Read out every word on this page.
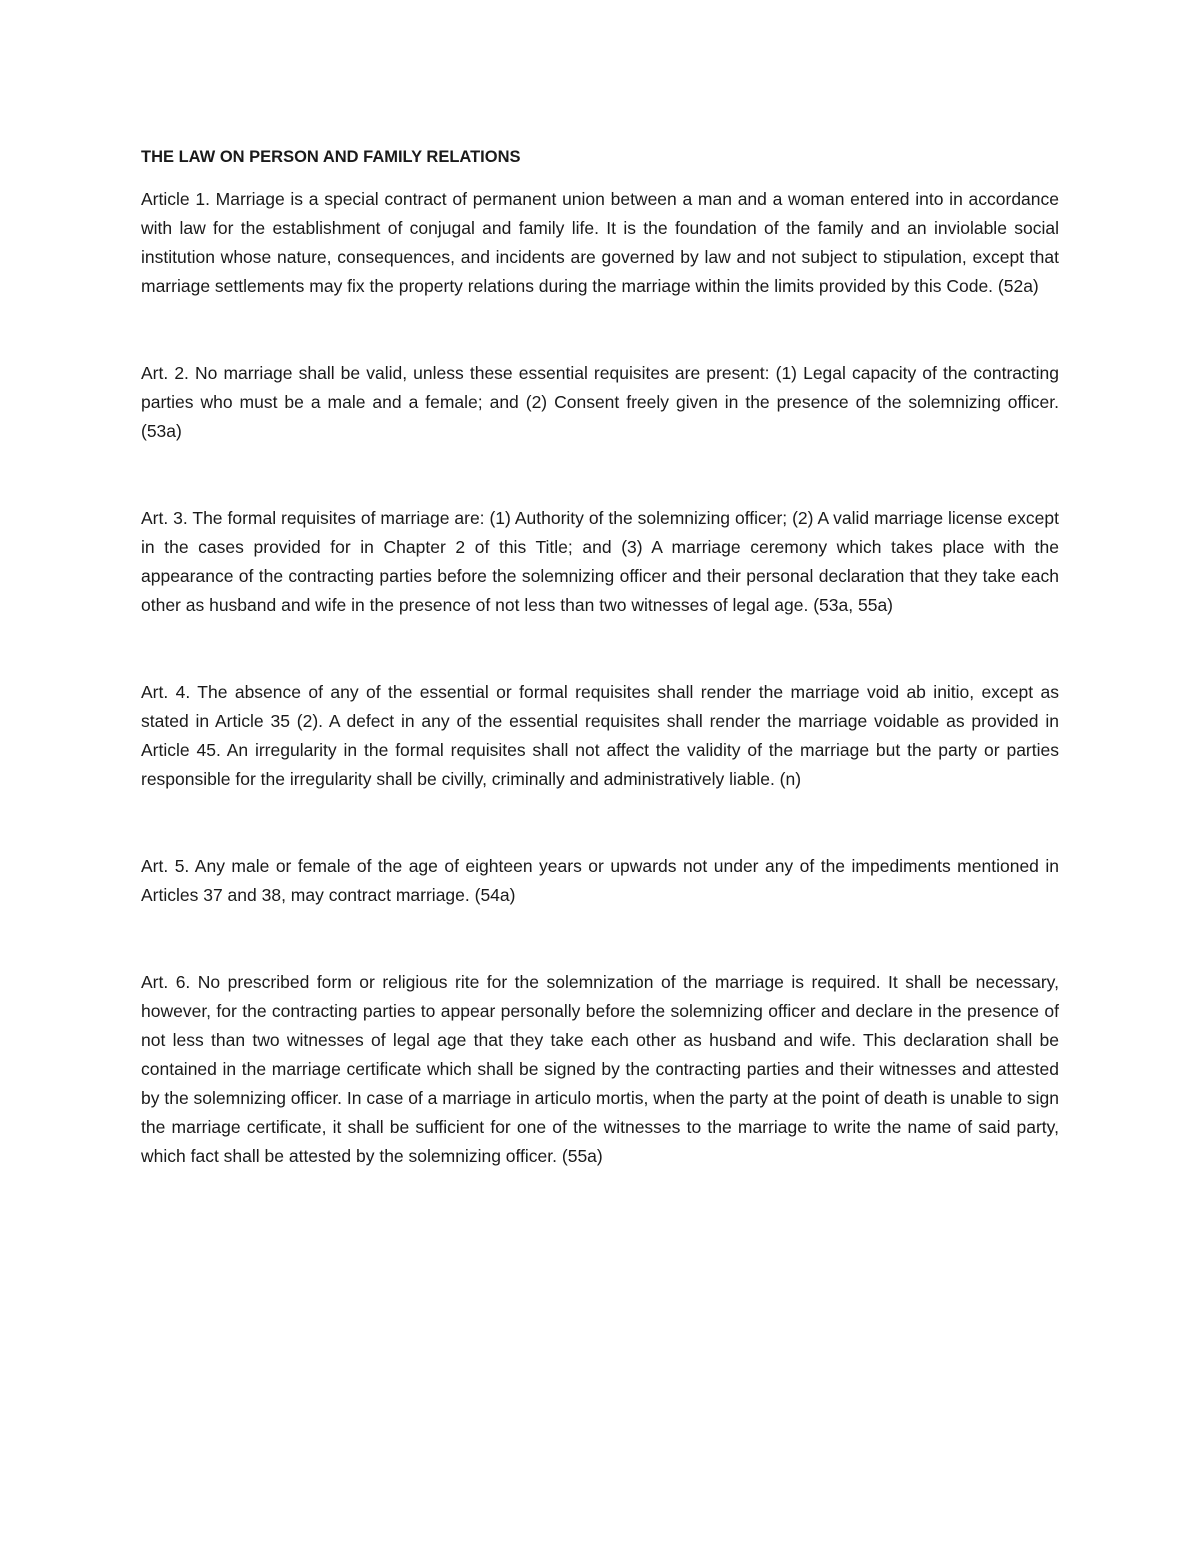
THE LAW ON PERSON AND FAMILY RELATIONS

Article 1. Marriage is a special contract of permanent union between a man and a woman entered into in accordance with law for the establishment of conjugal and family life. It is the foundation of the family and an inviolable social institution whose nature, consequences, and incidents are governed by law and not subject to stipulation, except that marriage settlements may fix the property relations during the marriage within the limits provided by this Code. (52a)

Art. 2. No marriage shall be valid, unless these essential requisites are present: (1) Legal capacity of the contracting parties who must be a male and a female; and (2) Consent freely given in the presence of the solemnizing officer. (53a)

Art. 3. The formal requisites of marriage are: (1) Authority of the solemnizing officer; (2) A valid marriage license except in the cases provided for in Chapter 2 of this Title; and (3) A marriage ceremony which takes place with the appearance of the contracting parties before the solemnizing officer and their personal declaration that they take each other as husband and wife in the presence of not less than two witnesses of legal age. (53a, 55a)

Art. 4. The absence of any of the essential or formal requisites shall render the marriage void ab initio, except as stated in Article 35 (2). A defect in any of the essential requisites shall render the marriage voidable as provided in Article 45. An irregularity in the formal requisites shall not affect the validity of the marriage but the party or parties responsible for the irregularity shall be civilly, criminally and administratively liable. (n)

Art. 5. Any male or female of the age of eighteen years or upwards not under any of the impediments mentioned in Articles 37 and 38, may contract marriage. (54a)

Art. 6. No prescribed form or religious rite for the solemnization of the marriage is required. It shall be necessary, however, for the contracting parties to appear personally before the solemnizing officer and declare in the presence of not less than two witnesses of legal age that they take each other as husband and wife. This declaration shall be contained in the marriage certificate which shall be signed by the contracting parties and their witnesses and attested by the solemnizing officer. In case of a marriage in articulo mortis, when the party at the point of death is unable to sign the marriage certificate, it shall be sufficient for one of the witnesses to the marriage to write the name of said party, which fact shall be attested by the solemnizing officer. (55a)
